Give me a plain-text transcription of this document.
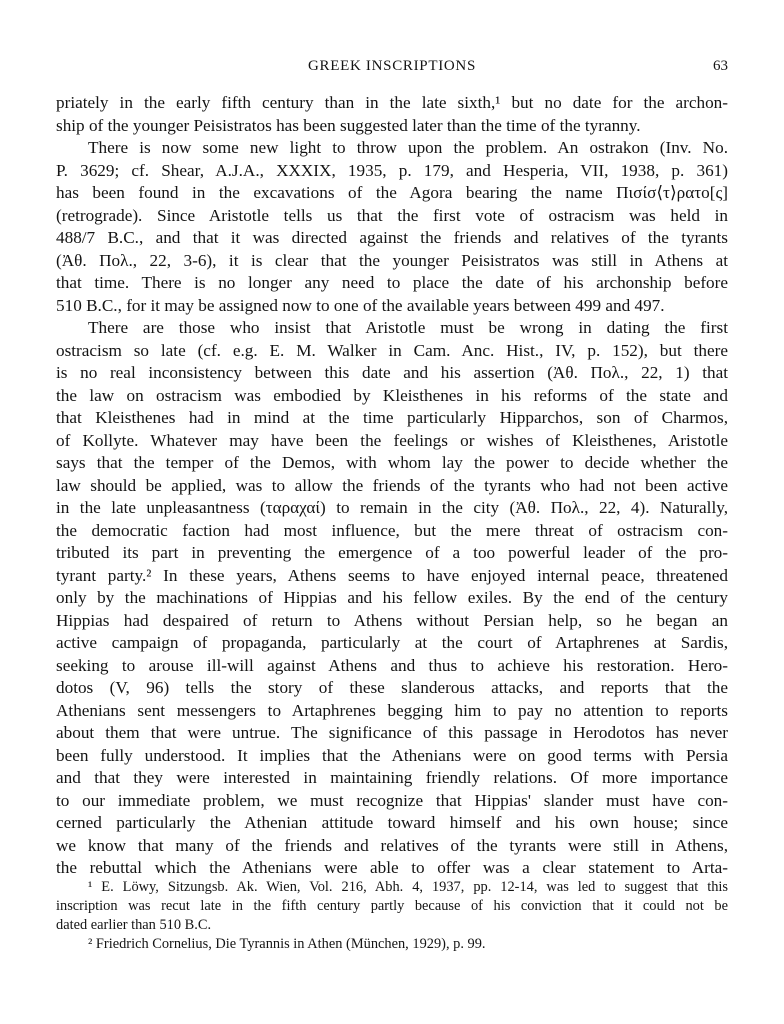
GREEK INSCRIPTIONS	63
priately in the early fifth century than in the late sixth,¹ but no date for the archon-
ship of the younger Peisistratos has been suggested later than the time of the tyranny.
There is now some new light to throw upon the problem. An ostrakon (Inv. No.
P. 3629; cf. Shear, A.J.A., XXXIX, 1935, p. 179, and Hesperia, VII, 1938, p. 361)
has been found in the excavations of the Agora bearing the name Πισίσ⟨τ⟩ρατο[ς]
(retrograde). Since Aristotle tells us that the first vote of ostracism was held in
488/7 B.C., and that it was directed against the friends and relatives of the tyrants
(Ἀθ. Πολ., 22, 3-6), it is clear that the younger Peisistratos was still in Athens at
that time. There is no longer any need to place the date of his archonship before
510 B.C., for it may be assigned now to one of the available years between 499 and 497.
There are those who insist that Aristotle must be wrong in dating the first
ostracism so late (cf. e.g. E. M. Walker in Cam. Anc. Hist., IV, p. 152), but there
is no real inconsistency between this date and his assertion (Ἀθ. Πολ., 22, 1) that
the law on ostracism was embodied by Kleisthenes in his reforms of the state and
that Kleisthenes had in mind at the time particularly Hipparchos, son of Charmos,
of Kollyte. Whatever may have been the feelings or wishes of Kleisthenes, Aristotle
says that the temper of the Demos, with whom lay the power to decide whether the
law should be applied, was to allow the friends of the tyrants who had not been active
in the late unpleasantness (ταραχαί) to remain in the city (Ἀθ. Πολ., 22, 4). Naturally,
the democratic faction had most influence, but the mere threat of ostracism con-
tributed its part in preventing the emergence of a too powerful leader of the pro-
tyrant party.² In these years, Athens seems to have enjoyed internal peace, threatened
only by the machinations of Hippias and his fellow exiles. By the end of the century
Hippias had despaired of return to Athens without Persian help, so he began an
active campaign of propaganda, particularly at the court of Artaphrenes at Sardis,
seeking to arouse ill-will against Athens and thus to achieve his restoration. Hero-
dotos (V, 96) tells the story of these slanderous attacks, and reports that the
Athenians sent messengers to Artaphrenes begging him to pay no attention to reports
about them that were untrue. The significance of this passage in Herodotos has never
been fully understood. It implies that the Athenians were on good terms with Persia
and that they were interested in maintaining friendly relations. Of more importance
to our immediate problem, we must recognize that Hippias' slander must have con-
cerned particularly the Athenian attitude toward himself and his own house; since
we know that many of the friends and relatives of the tyrants were still in Athens,
the rebuttal which the Athenians were able to offer was a clear statement to Arta-
¹ E. Löwy, Sitzungsb. Ak. Wien, Vol. 216, Abh. 4, 1937, pp. 12-14, was led to suggest that this
inscription was recut late in the fifth century partly because of his conviction that it could not be
dated earlier than 510 B.C.
² Friedrich Cornelius, Die Tyrannis in Athen (München, 1929), p. 99.
